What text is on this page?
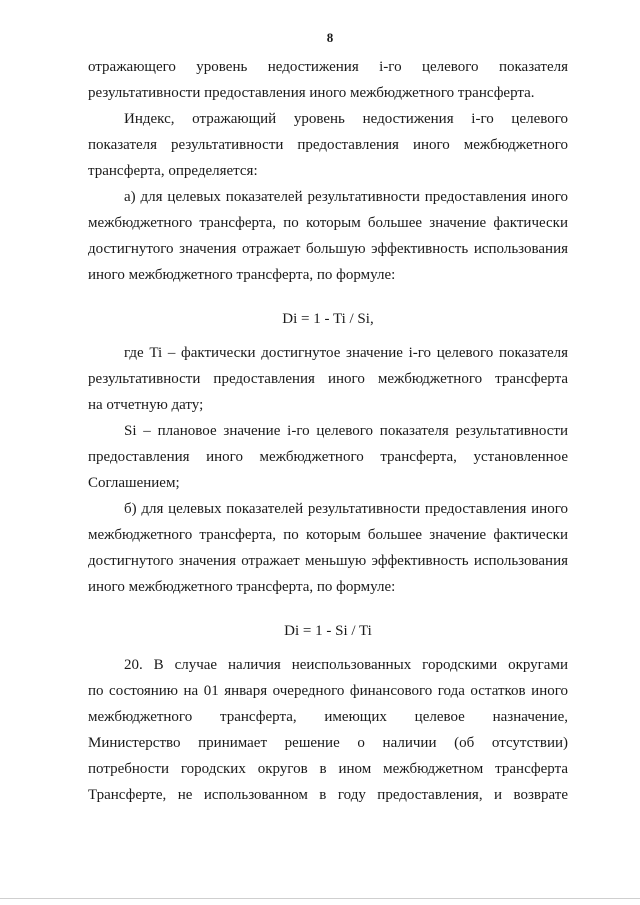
8
отражающего уровень недостижения i-го целевого показателя
результативности предоставления иного межбюджетного трансферта.
Индекс, отражающий уровень недостижения i-го целевого
показателя результативности предоставления иного межбюджетного
трансферта, определяется:
а) для целевых показателей результативности предоставления иного
межбюджетного трансферта, по которым большее значение фактически
достигнутого значения отражает большую эффективность использования
иного межбюджетного трансферта, по формуле:
Di = 1 - Ti / Si,
где Ti – фактически достигнутое значение i-го целевого показателя
результативности предоставления иного межбюджетного трансферта
на отчетную дату;
Si – плановое значение i-го целевого показателя результативности
предоставления иного межбюджетного трансферта, установленное
Соглашением;
б) для целевых показателей результативности предоставления иного
межбюджетного трансферта, по которым большее значение фактически
достигнутого значения отражает меньшую эффективность использования
иного межбюджетного трансферта, по формуле:
Di = 1 - Si / Ti
20. В случае наличия неиспользованных городскими округами
по состоянию на 01 января очередного финансового года остатков иного
межбюджетного трансферта, имеющих целевое назначение,
Министерство принимает решение о наличии (об отсутствии)
потребности городских округов в ином межбюджетном трансферта
Трансферте, не использованном в году предоставления, и возврате
